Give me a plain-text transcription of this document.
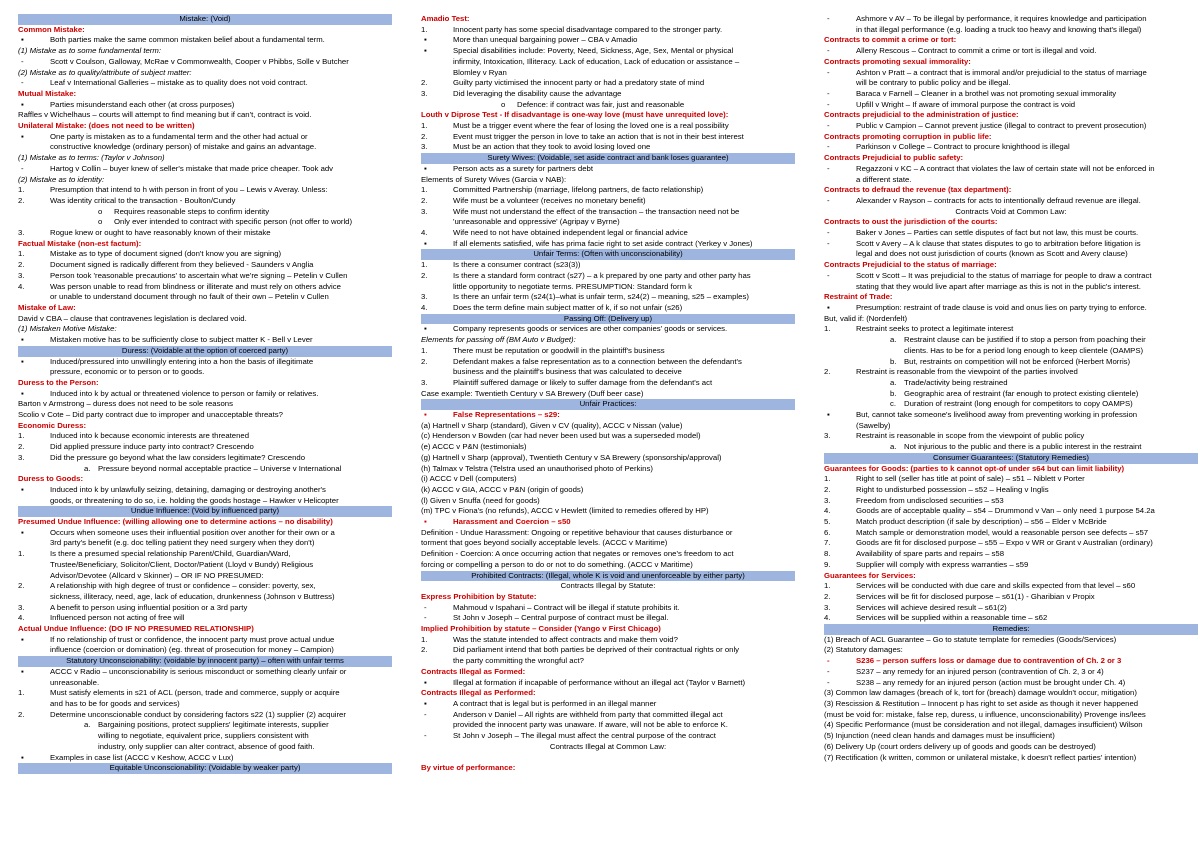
Mistake: (Void)
Common Mistake:
▪ Both parties make the same common mistaken belief about a fundamental term.
(1) Mistake as to some fundamental term:
- Scott v Coulson, Galloway, McRae v Commonwealth, Cooper v Phibbs, Solle v Butcher
(2) Mistake as to quality/attribute of subject matter:
- Leaf v International Galleries – mistake as to quality does not void contract.
Mutual Mistake:
▪ Parties misunderstand each other (at cross purposes)
Raffles v Wichelhaus – courts will attempt to find meaning but if can't, contract is void.
Unilateral Mistake: (does not need to be written)
▪ One party is mistaken as to a fundamental term and the other had actual or
constructive knowledge (ordinary person) of mistake and gains an advantage.
(1) Mistake as to terms: (Taylor v Johnson)
- Hartog v Collin – buyer knew of seller's mistake that made price cheaper. Took adv
(2) Mistake as to identity:
1.	Presumption that intend to h with person in front of you – Lewis v Averay. Unless:
2.	Was identity critical to the transaction - Boulton/Cundy
o Requires reasonable steps to confirm identity
o Only ever intended to contract with specific person (not offer to world)
3.	Rogue knew or ought to have reasonably known of their mistake
Factual Mistake (non-est factum):
1.	Mistake as to type of document signed (don't know you are signing)
2.	Document signed is radically different from they believed - Saunders v Anglia
3.	Person took 'reasonable precautions' to ascertain what we're signing – Petelin v Cullen
4.	Was person unable to read from blindness or illiterate and must rely on others advice
or unable to understand document through no fault of their own – Petelin v Cullen
Mistake of Law:
David v CBA – clause that contravenes legislation is declared void.
(1) Mistaken Motive Mistake:
▪ Mistaken motive has to be sufficiently close to subject matter K - Bell v Lever
Duress: (Voidable at the option of coerced party)
▪ Induced/pressured into unwillingly entering into a hon the basis of illegitimate
pressure, economic or to person or to goods.
Duress to the Person:
▪ Induced into k by actual or threatened violence to person or family or relatives.
Barton v Armstrong – duress does not need to be sole reasons
Scolio v Cote – Did party contract due to improper and unacceptable threats?
Economic Duress:
1.	Induced into k because economic interests are threatened
2.	Did applied pressure induce party into contract? Crescendo
3.	Did the pressure go beyond what the law considers legitimate? Crescendo
a. Pressure beyond normal acceptable practice – Universe v International
Duress to Goods:
▪ Induced into k by unlawfully seizing, detaining, damaging or destroying another's
goods, or threatening to do so, i.e. holding the goods hostage – Hawker v Helicopter
Undue Influence: (Void by influenced party)
Presumed Undue Influence: (willing allowing one to determine actions – no disability)
▪ Occurs when someone uses their influential position over another for their own or a
3rd party's benefit (e.g. doc telling patient they need surgery when they don't)
1.	Is there a presumed special relationship Parent/Child, Guardian/Ward,
Trustee/Beneficiary, Solicitor/Client, Doctor/Patient (Lloyd v Bundy) Religious
Advisor/Devotee (Allcard v Skinner) – OR IF NO PRESUMED:
2.	A relationship with high degree of trust or confidence – consider: poverty, sex,
sickness, illiteracy, need, age, lack of education, drunkenness (Johnson v Buttress)
3.	A benefit to person using influential position or a 3rd party
4.	Influenced person not acting of free will
Actual Undue Influence: (DO IF NO PRESUMED RELATIONSHIP)
▪ If no relationship of trust or confidence, the innocent party must prove actual undue
influence (coercion or domination) (eg. threat of prosecution for money – Campion)
Statutory Unconscionability: (voidable by innocent party) – often with unfair terms
▪ ACCC v Radio – unconscionability is serious misconduct or something clearly unfair or
unreasonable.
1.	Must satisfy elements in s21 of ACL (person, trade and commerce, supply or acquire
and has to be for goods and services)
2.	Determine unconscionable conduct by considering factors s22 (1) supplier (2) acquirer
a. Bargaining positions, protect suppliers' legitimate interests, supplier
willing to negotiate, equivalent price, suppliers consistent with
industry, only supplier can alter contract, absence of good faith.
▪ Examples in case list (ACCC v Keshow, ACCC v Lux)
Equitable Unconscionability: (Voidable by weaker party)
Amadio Test:
1.	Innocent party has some special disadvantage compared to the stronger party.
▪ More than unequal bargaining power – CBA v Amadio
▪ Special disabilities include: Poverty, Need, Sickness, Age, Sex, Mental or physical
infirmity, Intoxication, Illiteracy. Lack of education, Lack of education or assistance –
Blomley v Ryan
2.	Guilty party victimised the innocent party or had a predatory state of mind
3.	Did leveraging the disability cause the advantage
o Defence: if contract was fair, just and reasonable
Louth v Diprose Test - If disadvantage is one-way love (must have unrequited love):
1.	Must be a trigger event where the fear of losing the loved one is a real possibility
2.	Event must trigger the person in love to take an action that is not in their best interest
3.	Must be an action that they took to avoid losing loved one
Surety Wives: (Voidable, set aside contract and bank loses guarantee)
▪ Person acts as a surety for partners debt
Elements of Surety Wives (Garcia v NAB):
1.	Committed Partnership (marriage, lifelong partners, de facto relationship)
2.	Wife must be a volunteer (receives no monetary benefit)
3.	Wife must not understand the effect of the transaction – the transaction need not be
'unreasonable and oppressive' (Agripay v Byrne)
4.	Wife need to not have obtained independent legal or financial advice
▪ If all elements satisfied, wife has prima facie right to set aside contract (Yerkey v Jones)
Unfair Terms: (Often with unconscionability)
1.	Is there a consumer contract (s23(3))
2.	Is there a standard form contract (s27) – a k prepared by one party and other party has
little opportunity to negotiate terms. PRESUMPTION: Standard form k
3.	Is there an unfair term (s24(1)–what is unfair term, s24(2) – meaning, s25 – examples)
4.	Does the term define main subject matter of k, if so not unfair (s26)
Passing Off: (Delivery up)
▪ Company represents goods or services are other companies' goods or services.
Elements for passing off (BM Auto v Budget):
1.	There must be reputation or goodwill in the plaintiff's business
2.	Defendant makes a false representation as to a connection between the defendant's
business and the plaintiff's business that was calculated to deceive
3.	Plaintiff suffered damage or likely to suffer damage from the defendant's act
Case example: Twentieth Century v SA Brewery (Duff beer case)
Unfair Practices:
▪ False Representations – s29:
(a) Hartnell v Sharp (standard), Given v CV (quality), ACCC v Nissan (value)
(c) Henderson v Bowden (car had never been used but was a superseded model)
(e) ACCC v P&N (testimonials)
(g) Hartnell v Sharp (approval), Twentieth Century v SA Brewery (sponsorship/approval)
(h) Talmax v Telstra (Telstra used an unauthorised photo of Perkins)
(i) ACCC v Dell (computers)
(k) ACCC v GIA, ACCC v P&N (origin of goods)
(l) Given v Snuffa (need for goods)
(m) TPC v Fiona's (no refunds), ACCC v Hewlett (limited to remedies offered by HP)
▪ Harassment and Coercion – s50
Definition - Undue Harassment: Ongoing or repetitive behaviour that causes disturbance or
torment that goes beyond socially acceptable levels. (ACCC v Maritime)
Definition - Coercion: A once occurring action that negates or removes one's freedom to act
forcing or compelling a person to do or not to do something. (ACCC v Maritime)
Prohibited Contracts: (Illegal, whole K is void and unenforceable by either party)
Contracts Illegal by Statute:
Express Prohibition by Statute:
- Mahmoud v Ispahani – Contract will be illegal if statute prohibits it.
- St John v Joseph – Central purpose of contract must be illegal.
Implied Prohibition by statute – Consider (Yango v First Chicago)
1.	Was the statute intended to affect contracts and make them void?
2.	Did parliament intend that both parties be deprived of their contractual rights or only
the party committing the wrongful act?
Contracts Illegal as Formed:
▪ Illegal at formation if incapable of performance without an illegal act (Taylor v Barnett)
Contracts Illegal as Performed:
▪ A contract that is legal but is performed in an illegal manner
- Anderson v Daniel – All rights are withheld from party that committed illegal act
provided the innocent party was unaware. If aware, will not be able to enforce K.
- St John v Joseph – The illegal must affect the central purpose of the contract
Contracts Illegal at Common Law:

By virtue of performance:
- Ashmore v AV – To be illegal by performance, it requires knowledge and participation
in that illegal performance (e.g. loading a truck too heavy and knowing that's illegal)
Contracts to commit a crime or tort:
- Alleny Rescous – Contract to commit a crime or tort is illegal and void.
Contracts promoting sexual immorality:
- Ashton v Pratt – a contract that is immoral and/or prejudicial to the status of marriage
will be contrary to public policy and be illegal.
- Baraca v Farnell – Cleaner in a brothel was not promoting sexual immorality
- Upfill v Wright – If aware of immoral purpose the contract is void
Contracts prejudicial to the administration of justice:
- Public v Campion – Cannot prevent justice (illegal to contract to prevent prosecution)
Contracts promoting corruption in public life:
- Parkinson v College – Contract to procure knighthood is illegal
Contracts Prejudicial to public safety:
- Regazzoni v KC – A contract that violates the law of certain state will not be enforced in
a different state.
Contracts to defraud the revenue (tax department):
- Alexander v Rayson – contracts for acts to intentionally defraud revenue are illegal.
Contracts Void at Common Law:
Contracts to oust the jurisdiction of the courts:
- Baker v Jones – Parties can settle disputes of fact but not law, this must be courts.
- Scott v Avery – A k clause that states disputes to go to arbitration before litigation is
legal and does not oust jurisdiction of courts (known as Scott and Avery clause)
Contracts Prejudicial to the status of marriage:
- Scott v Scott – It was prejudicial to the status of marriage for people to draw a contract
stating that they would live apart after marriage as this is not in the public's interest.
Restraint of Trade:
▪ Presumption: restraint of trade clause is void and onus lies on party trying to enforce.
But, valid if: (Nordenfelt)
1.	Restraint seeks to protect a legitimate interest
a. Restraint clause can be justified if to stop a person from poaching their
clients. Has to be for a period long enough to keep clientele (OAMPS)
b. But, restraints on competition will not be enforced (Herbert Morris)
2.	Restraint is reasonable from the viewpoint of the parties involved
a. Trade/activity being restrained
b. Geographic area of restraint (far enough to protect existing clientele)
c. Duration of restraint (long enough for competitors to copy OAMPS)
▪ But, cannot take someone's livelihood away from preventing working in profession
(Sawelby)
3.	Restraint is reasonable in scope from the viewpoint of public policy
a. Not injurious to the public and there is a public interest in the restraint
Consumer Guarantees: (Statutory Remedies)
Guarantees for Goods: (parties to k cannot opt-of under s64 but can limit liability)
1.	Right to sell (seller has title at point of sale) – s51 – Niblett v Porter
2.	Right to undisturbed possession – s52 – Healing v Inglis
3.	Freedom from undisclosed securities – s53
4.	Goods are of acceptable quality – s54 – Drummond v Van – only need 1 purpose 54.2a
5.	Match product description (if sale by description) – s56 – Elder v McBride
6.	Match sample or demonstration model, would a reasonable person see defects – s57
7.	Goods are fit for disclosed purpose – s55 – Expo v WR or Grant v Australian (ordinary)
8.	Availability of spare parts and repairs – s58
9.	Supplier will comply with express warranties – s59
Guarantees for Services:
1.	Services will be conducted with due care and skills expected from that level – s60
2.	Services will be fit for disclosed purpose – s61(1) - Gharibian v Propix
3.	Services will achieve desired result – s61(2)
4.	Services will be supplied within a reasonable time – s62
Remedies:
(1) Breach of ACL Guarantee – Go to statute template for remedies (Goods/Services)
(2) Statutory damages:
- S236 – person suffers loss or damage due to contravention of Ch. 2 or 3
- S237 – any remedy for an injured person (contravention of Ch. 2, 3 or 4)
- S238 – any remedy for an injured person (action must be brought under Ch. 4)
(3) Common law damages (breach of k, tort for (breach) damage wouldn't occur, mitigation)
(3) Rescission & Restitution – Innocent p has right to set aside as though it never happened
(must be void for: mistake, false rep, duress, u influence, unconscionability) Provenge ins/lees
(4) Specific Performance (must be consideration and not illegal, damages insufficient) Wilson
(5) Injunction (need clean hands and damages must be insufficient)
(6) Delivery Up (court orders delivery up of goods and goods can be destroyed)
(7) Rectification (k written, common or unilateral mistake, k doesn't reflect parties' intention)
